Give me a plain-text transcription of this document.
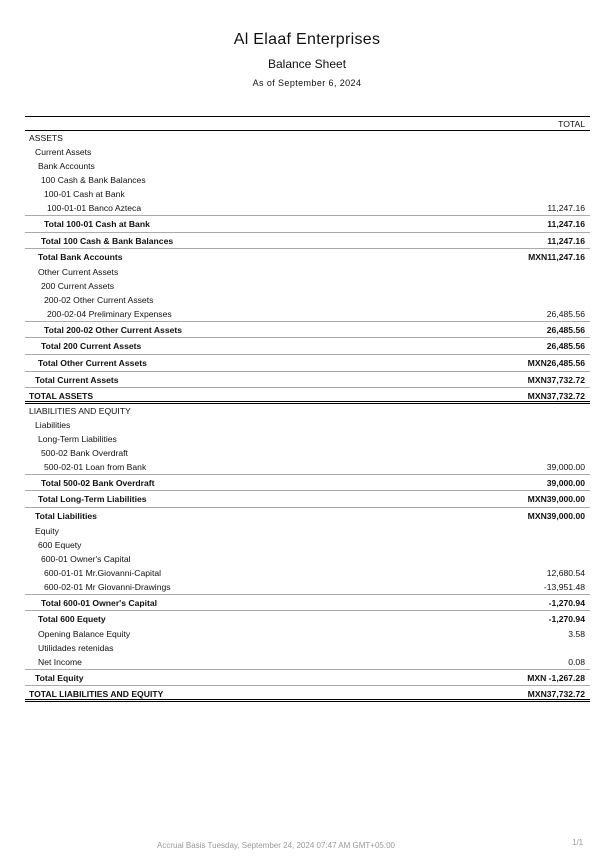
Al Elaaf Enterprises
Balance Sheet
As of September 6, 2024
TOTAL
ASSETS
Current Assets
Bank Accounts
100 Cash & Bank Balances
100-01 Cash at Bank
100-01-01 Banco Azteca	11,247.16
Total 100-01 Cash at Bank	11,247.16
Total 100 Cash & Bank Balances	11,247.16
Total Bank Accounts	MXN11,247.16
Other Current Assets
200 Current Assets
200-02 Other Current Assets
200-02-04 Preliminary Expenses	26,485.56
Total 200-02 Other Current Assets	26,485.56
Total 200 Current Assets	26,485.56
Total Other Current Assets	MXN26,485.56
Total Current Assets	MXN37,732.72
TOTAL ASSETS	MXN37,732.72
LIABILITIES AND EQUITY
Liabilities
Long-Term Liabilities
500-02 Bank Overdraft
500-02-01 Loan from Bank	39,000.00
Total 500-02 Bank Overdraft	39,000.00
Total Long-Term Liabilities	MXN39,000.00
Total Liabilities	MXN39,000.00
Equity
600 Equety
600-01 Owner's Capital
600-01-01 Mr.Giovanni-Capital	12,680.54
600-02-01 Mr Giovanni-Drawings	-13,951.48
Total 600-01 Owner's Capital	-1,270.94
Total 600 Equety	-1,270.94
Opening Balance Equity	3.58
Utilidades retenidas
Net Income	0.08
Total Equity	MXN -1,267.28
TOTAL LIABILITIES AND EQUITY	MXN37,732.72
Accrual Basis Tuesday, September 24, 2024 07:47 AM GMT+05:00	1/1
